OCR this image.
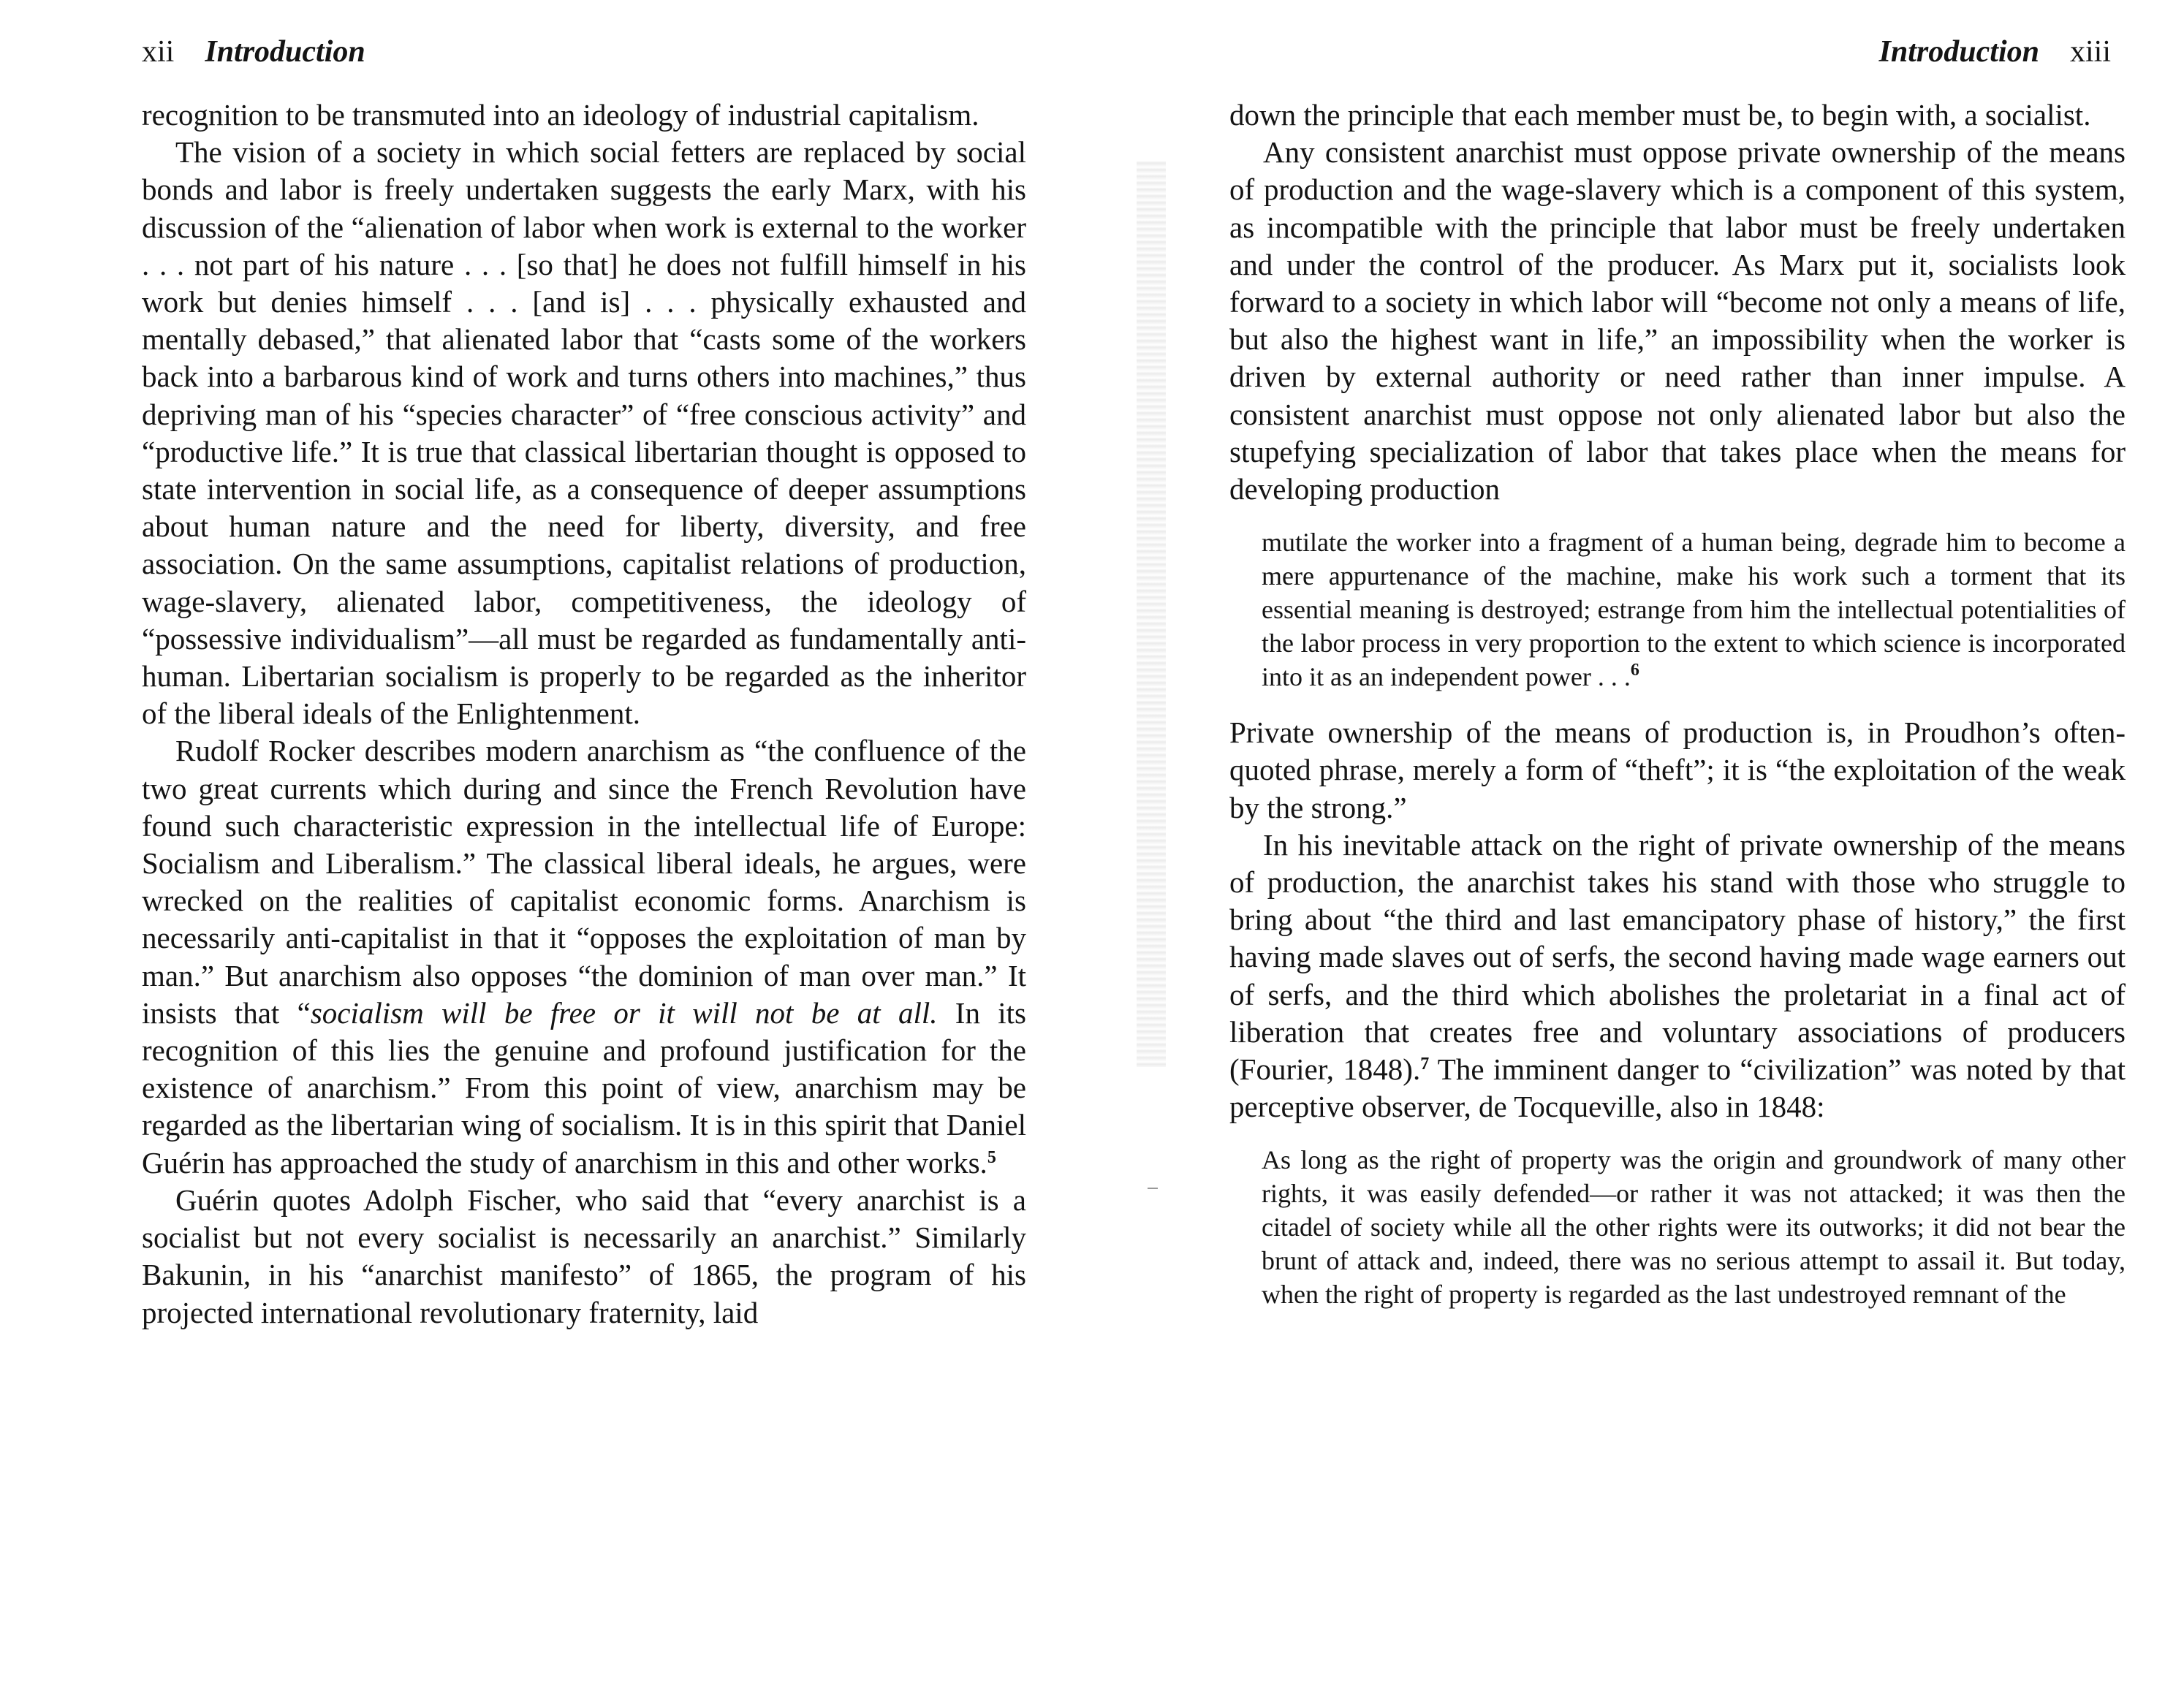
xii Introduction

recognition to be transmuted into an ideology of industrial capitalism.

The vision of a society in which social fetters are replaced by social bonds and labor is freely undertaken suggests the early Marx, with his discussion of the “alienation of labor when work is external to the worker . . . not part of his nature . . . [so that] he does not fulfill himself in his work but denies himself . . . [and is] . . . physically exhausted and mentally debased,” that alienated labor that “casts some of the workers back into a barbarous kind of work and turns others into machines,” thus depriving man of his “species character” of “free conscious activity” and “productive life.” It is true that classical libertarian thought is opposed to state intervention in social life, as a consequence of deeper assumptions about human nature and the need for liberty, diversity, and free association. On the same assumptions, capitalist relations of production, wage-slavery, alienated labor, competitiveness, the ideology of “possessive individualism”—all must be regarded as fundamentally anti-human. Libertarian socialism is properly to be regarded as the inheritor of the liberal ideals of the Enlightenment.

Rudolf Rocker describes modern anarchism as “the confluence of the two great currents which during and since the French Revolution have found such characteristic expression in the intellectual life of Europe: Socialism and Liberalism.” The classical liberal ideals, he argues, were wrecked on the realities of capitalist economic forms. Anarchism is necessarily anti-capitalist in that it “opposes the exploitation of man by man.” But anarchism also opposes “the dominion of man over man.” It insists that “socialism will be free or it will not be at all. In its recognition of this lies the genuine and profound justification for the existence of anarchism.” From this point of view, anarchism may be regarded as the libertarian wing of socialism. It is in this spirit that Daniel Guérin has approached the study of anarchism in this and other works.$^5$

Guérin quotes Adolph Fischer, who said that “every anarchist is a socialist but not every socialist is necessarily an anarchist.” Similarly Bakunin, in his “anarchist manifesto” of 1865, the program of his projected international revolutionary fraternity, laid

Introduction xiii

down the principle that each member must be, to begin with, a socialist.

Any consistent anarchist must oppose private ownership of the means of production and the wage-slavery which is a component of this system, as incompatible with the principle that labor must be freely undertaken and under the control of the producer. As Marx put it, socialists look forward to a society in which labor will “become not only a means of life, but also the highest want in life,” an impossibility when the worker is driven by external authority or need rather than inner impulse. A consistent anarchist must oppose not only alienated labor but also the stupefying specialization of labor that takes place when the means for developing production

mutilate the worker into a fragment of a human being, degrade him to become a mere appurtenance of the machine, make his work such a torment that its essential meaning is destroyed; estrange from him the intellectual potentialities of the labor process in very proportion to the extent to which science is incorporated into it as an independent power . . .$^6$

Private ownership of the means of production is, in Proudhon’s often-quoted phrase, merely a form of “theft”; it is “the exploitation of the weak by the strong.”

In his inevitable attack on the right of private ownership of the means of production, the anarchist takes his stand with those who struggle to bring about “the third and last emancipatory phase of history,” the first having made slaves out of serfs, the second having made wage earners out of serfs, and the third which abolishes the proletariat in a final act of liberation that creates free and voluntary associations of producers (Fourier, 1848).$^7$ The imminent danger to “civilization” was noted by that perceptive observer, de Tocqueville, also in 1848:

As long as the right of property was the origin and groundwork of many other rights, it was easily defended—or rather it was not attacked; it was then the citadel of society while all the other rights were its outworks; it did not bear the brunt of attack and, indeed, there was no serious attempt to assail it. But today, when the right of property is regarded as the last undestroyed remnant of the
